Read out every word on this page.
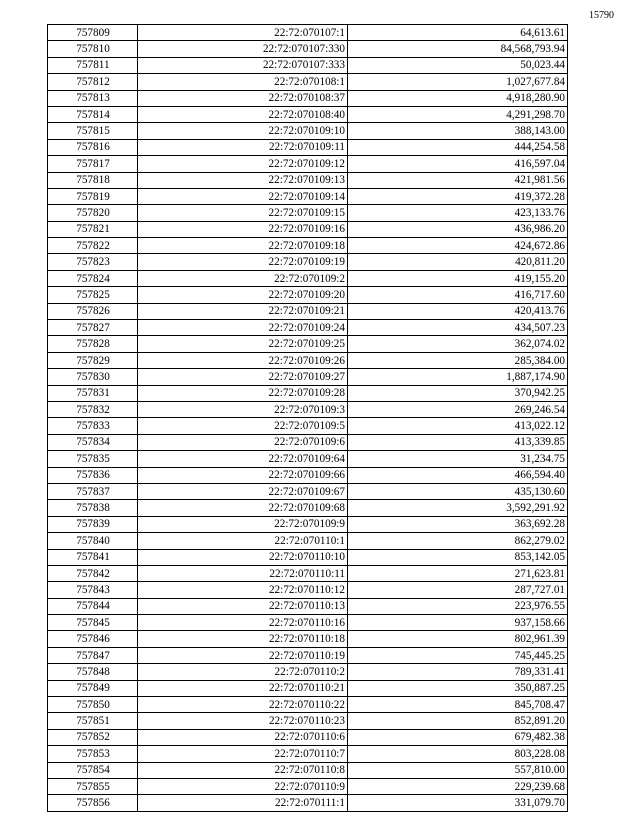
15790
757809	22:72:070107:1	64,613.61
757810	22:72:070107:330	84,568,793.94
757811	22:72:070107:333	50,023.44
757812	22:72:070108:1	1,027,677.84
757813	22:72:070108:37	4,918,280.90
757814	22:72:070108:40	4,291,298.70
757815	22:72:070109:10	388,143.00
757816	22:72:070109:11	444,254.58
757817	22:72:070109:12	416,597.04
757818	22:72:070109:13	421,981.56
757819	22:72:070109:14	419,372.28
757820	22:72:070109:15	423,133.76
757821	22:72:070109:16	436,986.20
757822	22:72:070109:18	424,672.86
757823	22:72:070109:19	420,811.20
757824	22:72:070109:2	419,155.20
757825	22:72:070109:20	416,717.60
757826	22:72:070109:21	420,413.76
757827	22:72:070109:24	434,507.23
757828	22:72:070109:25	362,074.02
757829	22:72:070109:26	285,384.00
757830	22:72:070109:27	1,887,174.90
757831	22:72:070109:28	370,942.25
757832	22:72:070109:3	269,246.54
757833	22:72:070109:5	413,022.12
757834	22:72:070109:6	413,339.85
757835	22:72:070109:64	31,234.75
757836	22:72:070109:66	466,594.40
757837	22:72:070109:67	435,130.60
757838	22:72:070109:68	3,592,291.92
757839	22:72:070109:9	363,692.28
757840	22:72:070110:1	862,279.02
757841	22:72:070110:10	853,142.05
757842	22:72:070110:11	271,623.81
757843	22:72:070110:12	287,727.01
757844	22:72:070110:13	223,976.55
757845	22:72:070110:16	937,158.66
757846	22:72:070110:18	802,961.39
757847	22:72:070110:19	745,445.25
757848	22:72:070110:2	789,331.41
757849	22:72:070110:21	350,887.25
757850	22:72:070110:22	845,708.47
757851	22:72:070110:23	852,891.20
757852	22:72:070110:6	679,482.38
757853	22:72:070110:7	803,228.08
757854	22:72:070110:8	557,810.00
757855	22:72:070110:9	229,239.68
757856	22:72:070111:1	331,079.70
